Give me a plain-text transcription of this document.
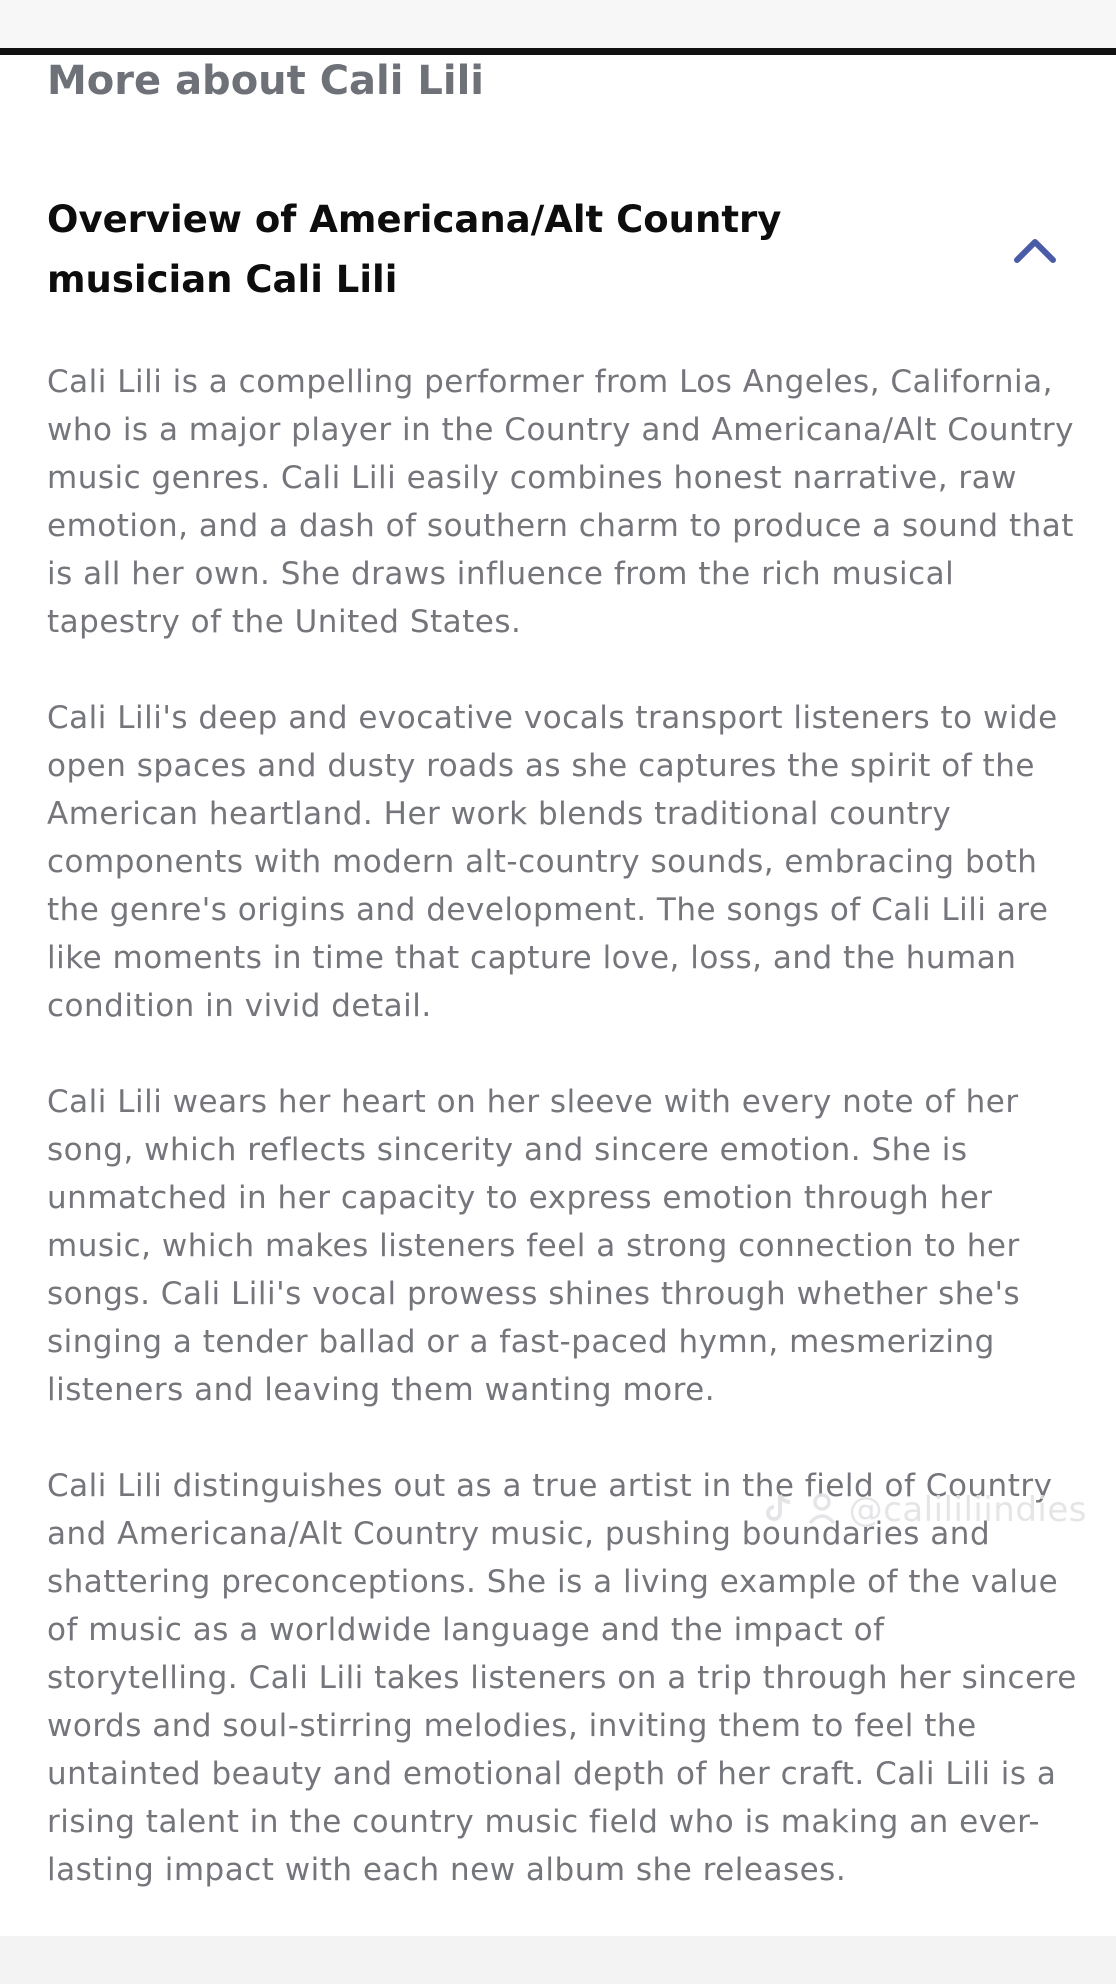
More about Cali Lili
Overview of Americana/Alt Country musician Cali Lili

Cali Lili is a compelling performer from Los Angeles, California, who is a major player in the Country and Americana/Alt Country music genres. Cali Lili easily combines honest narrative, raw emotion, and a dash of southern charm to produce a sound that is all her own. She draws influence from the rich musical tapestry of the United States.

Cali Lili's deep and evocative vocals transport listeners to wide open spaces and dusty roads as she captures the spirit of the American heartland. Her work blends traditional country components with modern alt-country sounds, embracing both the genre's origins and development. The songs of Cali Lili are like moments in time that capture love, loss, and the human condition in vivid detail.

Cali Lili wears her heart on her sleeve with every note of her song, which reflects sincerity and sincere emotion. She is unmatched in her capacity to express emotion through her music, which makes listeners feel a strong connection to her songs. Cali Lili's vocal prowess shines through whether she's singing a tender ballad or a fast-paced hymn, mesmerizing listeners and leaving them wanting more.

Cali Lili distinguishes out as a true artist in the field of Country and Americana/Alt Country music, pushing boundaries and shattering preconceptions. She is a living example of the value of music as a worldwide language and the impact of storytelling. Cali Lili takes listeners on a trip through her sincere words and soul-stirring melodies, inviting them to feel the untainted beauty and emotional depth of her craft. Cali Lili is a rising talent in the country music field who is making an ever-lasting impact with each new album she releases.

@calililiindies
